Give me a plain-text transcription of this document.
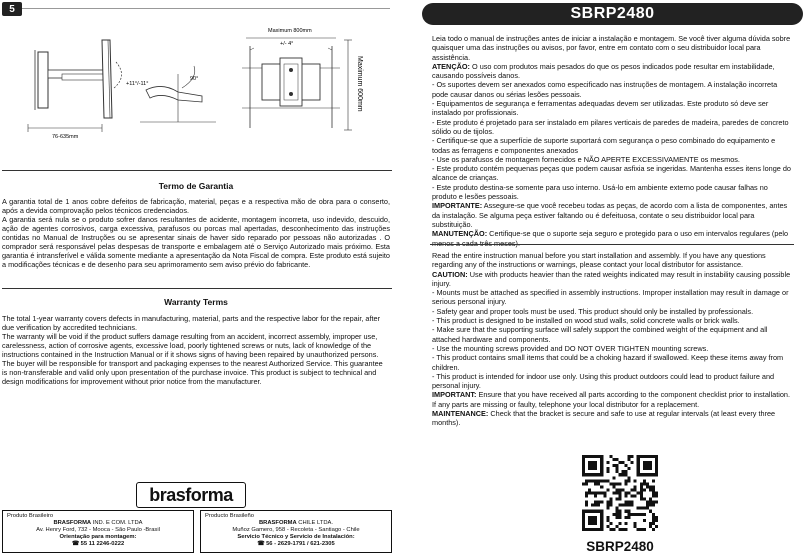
5
+11°/-11°
76-635mm
90°
Maximum 800mm
+/- 4°
Maximum 600mm
Termo de Garantia
A garantia total de 1 anos cobre defeitos de fabricação, material, peças e a respectiva mão de obra para o conserto, após a devida comprovação pelos técnicos credenciados.
A garantia será nula se o produto sofrer danos resultantes de acidente, montagem incorreta, uso indevido, descuido, ação de agentes corrosivos, carga excessiva, parafusos ou porcas mal apertadas, desconhecimento das instruções contidas no Manual de Instruções ou se apresentar sinais de haver sido reparado por pessoas não autorizadas . O comprador será responsável pelas despesas de transporte e embalagem até o Serviço Autorizado mais próximo. Esta garantia é intransferível e válida somente mediante a apresentação da Nota Fiscal de compra. Este produto está sujeito a modificações técnicas e de desenho para seu aprimoramento sem aviso prévio do fabricante.
Warranty Terms
The total 1-year warranty covers defects in manufacturing, material, parts and the respective labor for the repair, after due verification by accredited technicians.
The warranty will be void if the product suffers damage resulting from an accident, incorrect assembly, improper use, carelessness, action of corrosive agents, excessive load, poorly tightened screws or nuts, lack of knowledge of the instructions contained in the Instruction Manual or if it shows signs of having been repaired by unauthorized persons. The buyer will be responsible for transport and packaging expenses to the nearest Authorized Service. This guarantee is non-transferable and valid only upon presentation of the purchase invoice. This product is subject to technical and design modifications for improvement without prior notice from the manufacturer.
brasforma
Produto Brasileiro
BRASFORMA IND. E COM. LTDA
Av. Henry Ford, 732 - Mooca - São Paulo -Brasil
Orientação para montagem:
☎ 55 11 2246-0222
Producto Brasileño
BRASFORMA CHILE LTDA.
Muñoz Gamero, 958 - Recoleta - Santiago - Chile
Servicio Técnico y Servicio de Instalación:
☎ 56 - 2629-1791 / 621-2305
SBRP2480
Leia todo o manual de instruções antes de iniciar a instalação e montagem. Se você tiver alguma dúvida sobre quaisquer uma das instruções ou avisos, por favor, entre em contato com o seu distribuidor local para assistência.
ATENÇÃO: O uso com produtos mais pesados do que os pesos indicados pode resultar em instabilidade, causando possíveis danos.
- Os suportes devem ser anexados como especificado nas instruções de montagem. A instalação incorreta pode causar danos ou sérias lesões pessoais.
- Equipamentos de segurança e ferramentas adequadas devem ser utilizadas. Este produto só deve ser instalado por profissionais.
- Este produto é projetado para ser instalado em pilares verticais de paredes de madeira, paredes de concreto sólido ou de tijolos.
- Certifique-se que a superfície de suporte suportará com segurança o peso combinado do equipamento e todas as ferragens e componentes anexados
- Use os parafusos de montagem fornecidos e NÃO APERTE EXCESSIVAMENTE os mesmos.
- Este produto contém pequenas peças que podem causar asfixia se ingeridas. Mantenha esses itens longe do alcance de crianças.
- Este produto destina-se somente para uso interno. Usá-lo em ambiente externo pode causar falhas no produto e lesões pessoais.
IMPORTANTE: Assegure-se que você recebeu todas as peças, de acordo com a lista de componentes, antes da instalação. Se alguma peça estiver faltando ou é defeituosa, contate o seu distribuidor local para substituição.
MANUTENÇÃO: Certifique-se que o suporte seja seguro e protegido para o uso em intervalos regulares (pelo
Read the entire instruction manual before you start installation and assembly. If you have any questions regarding any of the instructions or warnings, please contact your local distributor for assistance.
CAUTION: Use with products heavier than the rated weights indicated may result in instability causing possible injury.
- Mounts must be attached as specified in assembly instructions. Improper installation may result in damage or serious personal injury.
- Safety gear and proper tools must be used. This product should only be installed by professionals.
- This product is designed to be installed on wood stud walls, solid concrete walls or brick walls.
- Make sure that the supporting surface will safely support the combined weight of the equipment and all attached hardware and components.
- Use the mounting screws provided and DO NOT OVER TIGHTEN mounting screws.
- This product contains small items that could be a choking hazard if swallowed. Keep these items away from children.
- This product is intended for indoor use only. Using this product outdoors could lead to product failure and personal injury.
IMPORTANT: Ensure that you have received all parts according to the component checklist prior to installation. If any parts are missing or faulty, telephone your local distributor for a replacement.
MAINTENANCE: Check that the bracket is secure and safe to use at regular intervals (at least every three months).
SBRP2480
